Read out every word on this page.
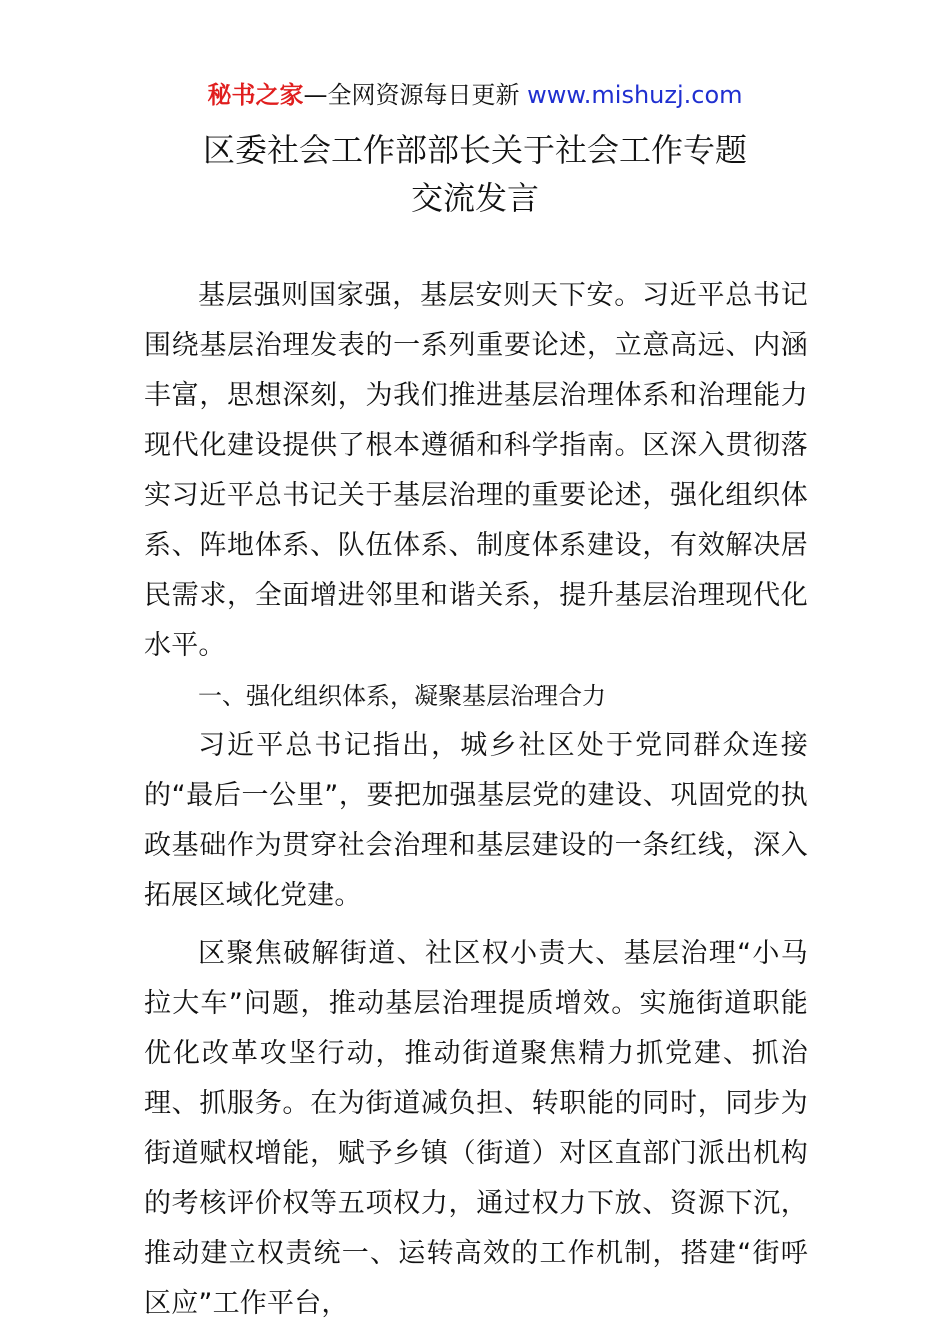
秘书之家—全网资源每日更新 www.mishuzj.com
区委社会工作部部长关于社会工作专题
交流发言

基层强则国家强，基层安则天下安。习近平总书记围绕基层治理发表的一系列重要论述，立意高远、内涵丰富，思想深刻，为我们推进基层治理体系和治理能力现代化建设提供了根本遵循和科学指南。区深入贯彻落实习近平总书记关于基层治理的重要论述，强化组织体系、阵地体系、队伍体系、制度体系建设，有效解决居民需求，全面增进邻里和谐关系，提升基层治理现代化水平。

一、强化组织体系，凝聚基层治理合力

习近平总书记指出，城乡社区处于党同群众连接的“最后一公里”，要把加强基层党的建设、巩固党的执政基础作为贯穿社会治理和基层建设的一条红线，深入拓展区域化党建。

区聚焦破解街道、社区权小责大、基层治理“小马拉大车”问题，推动基层治理提质增效。实施街道职能优化改革攻坚行动，推动街道聚焦精力抓党建、抓治理、抓服务。在为街道减负担、转职能的同时，同步为街道赋权增能，赋予乡镇（街道）对区直部门派出机构的考核评价权等五项权力，通过权力下放、资源下沉，推动建立权责统一、运转高效的工作机制，搭建“街呼区应”工作平台，
